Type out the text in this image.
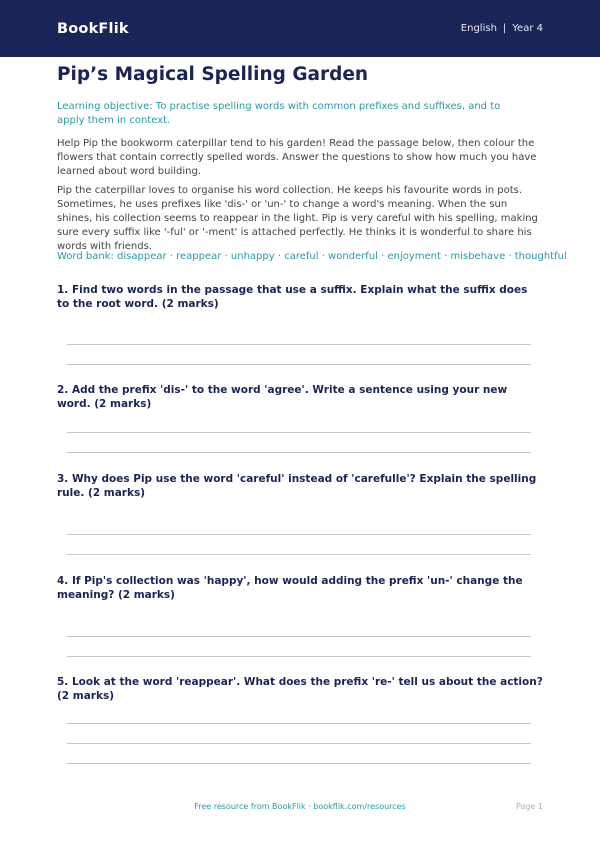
BookFlik	English | Year 4
Pip’s Magical Spelling Garden

Learning objective: To practise spelling words with common prefixes and suffixes, and to apply them in context.

Help Pip the bookworm caterpillar tend to his garden! Read the passage below, then colour the flowers that contain correctly spelled words. Answer the questions to show how much you have learned about word building.

Pip the caterpillar loves to organise his word collection. He keeps his favourite words in pots. Sometimes, he uses prefixes like 'dis-' or 'un-' to change a word's meaning. When the sun shines, his collection seems to reappear in the light. Pip is very careful with his spelling, making sure every suffix like '-ful' or '-ment' is attached perfectly. He thinks it is wonderful to share his words with friends.

Word bank: disappear · reappear · unhappy · careful · wonderful · enjoyment · misbehave · thoughtful

1. Find two words in the passage that use a suffix. Explain what the suffix does to the root word. (2 marks)

2. Add the prefix 'dis-' to the word 'agree'. Write a sentence using your new word. (2 marks)

3. Why does Pip use the word 'careful' instead of 'carefulle'? Explain the spelling rule. (2 marks)

4. If Pip's collection was 'happy', how would adding the prefix 'un-' change the meaning? (2 marks)

5. Look at the word 'reappear'. What does the prefix 're-' tell us about the action? (2 marks)

Free resource from BookFlik · bookflik.com/resources	Page 1
